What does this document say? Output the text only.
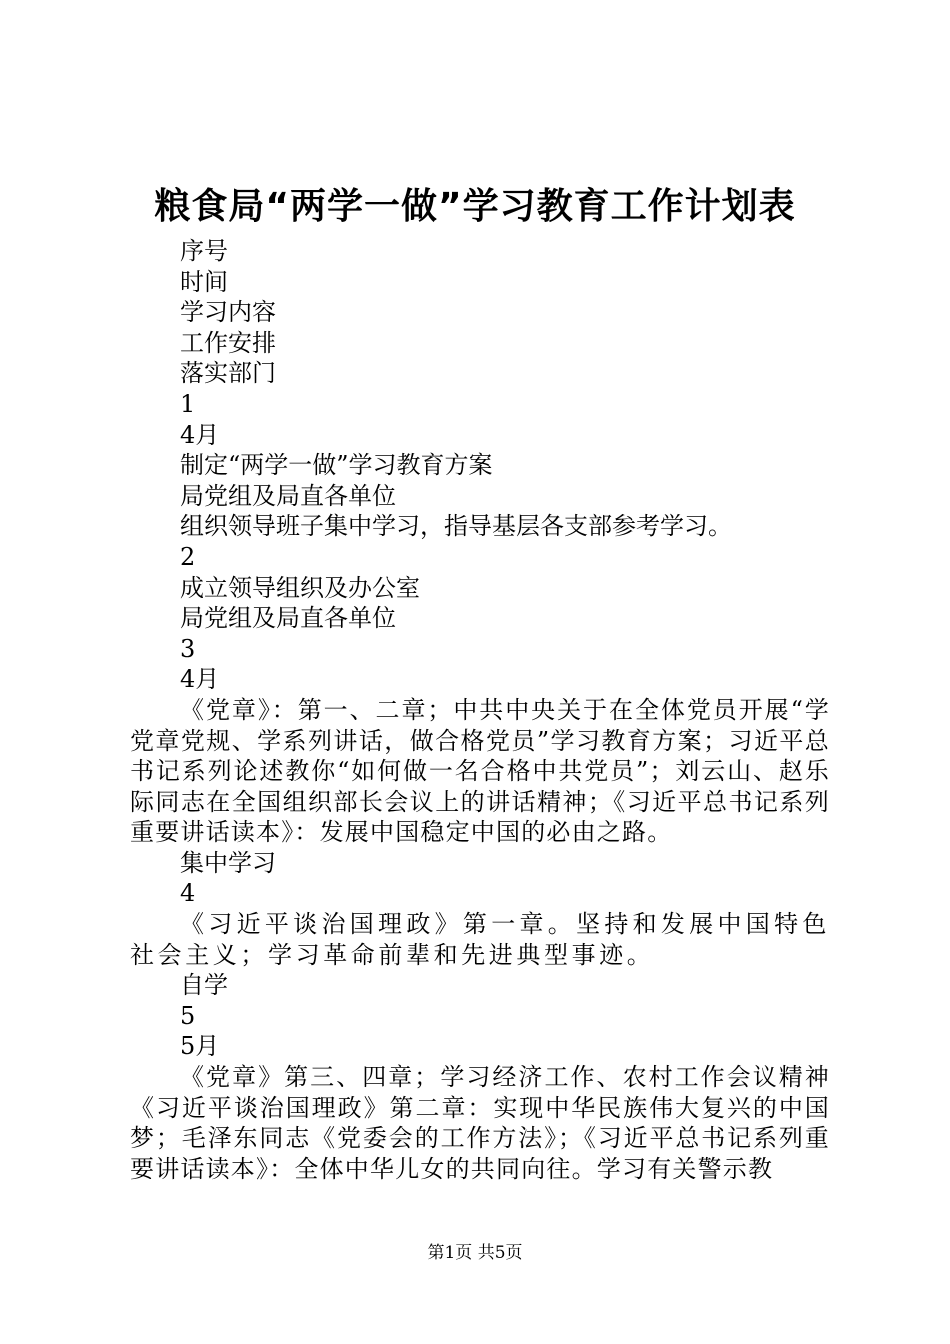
粮食局“两学一做”学习教育工作计划表
序号
时间
学习内容
工作安排
落实部门
1
4月
制定“两学一做”学习教育方案
局党组及局直各单位
组织领导班子集中学习，指导基层各支部参考学习。
2
成立领导组织及办公室
局党组及局直各单位
3
4月
《党章》：第一、二章；中共中央关于在全体党员开展“学党章党规、学系列讲话，做合格党员”学习教育方案；习近平总书记系列论述教你“如何做一名合格中共党员”；刘云山、赵乐际同志在全国组织部长会议上的讲话精神；《习近平总书记系列重要讲话读本》：发展中国稳定中国的必由之路。
集中学习
4
《习近平谈治国理政》第一章。坚持和发展中国特色社会主义；学习革命前辈和先进典型事迹。
自学
5
5月
《党章》第三、四章；学习经济工作、农村工作会议精神《习近平谈治国理政》第二章：实现中华民族伟大复兴的中国梦；毛泽东同志《党委会的工作方法》；《习近平总书记系列重要讲话读本》：全体中华儿女的共同向往。学习有关警示教
第1页 共5页
